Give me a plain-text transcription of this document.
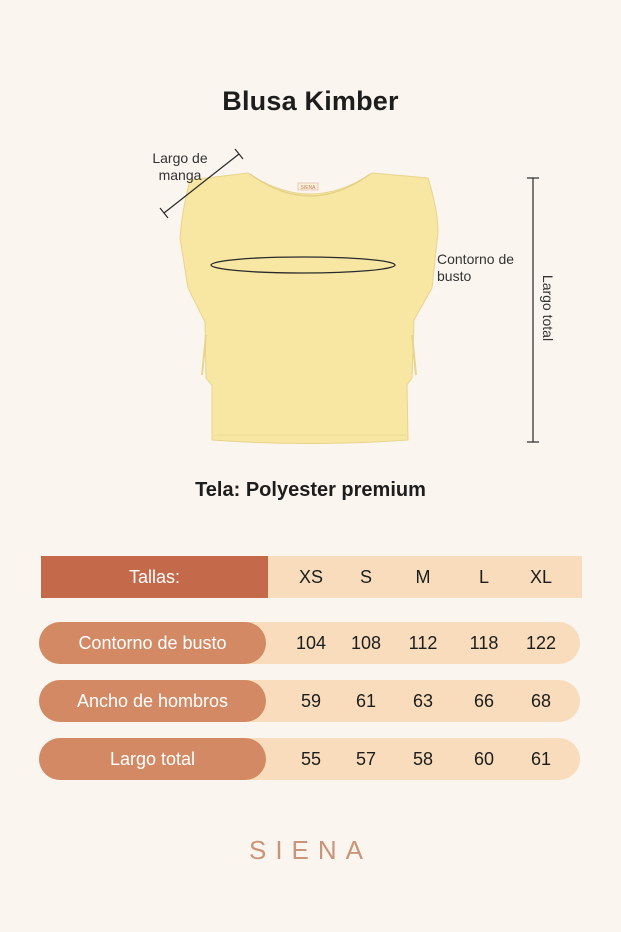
Blusa Kimber
SIENA
Largo de manga
Contorno de busto	Largo total
Tela: Polyester premium
Tallas:	XS	S	M	L	XL
Contorno de busto	104	108	112	118	122
Ancho de hombros	59	61	63	66	68
Largo total	55	57	58	60	61
SIENA
